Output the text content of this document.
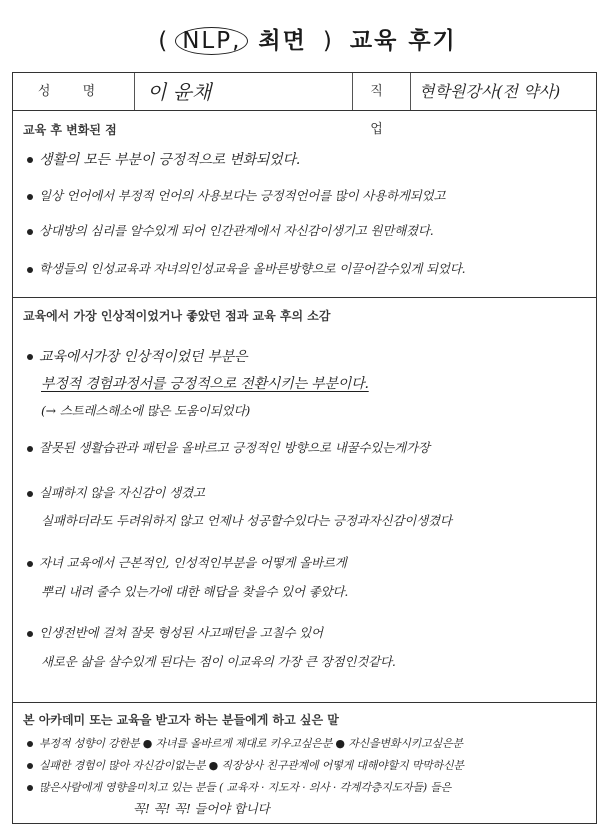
( NLP, 최면 ) 교육 후기
성 명	이 윤채	직 업
현학원강사(전 약사)
교육 후 변화된 점
생활의 모든 부분이 긍정적으로 변화되었다.
일상 언어에서 부정적 언어의 사용보다는 긍정적언어를 많이 사용하게되었고
상대방의 심리를 알수있게 되어 인간관계에서 자신감이생기고 원만해졌다.
학생들의 인성교육과 자녀의인성교육을 올바른방향으로 이끌어갈수있게 되었다.
교육에서 가장 인상적이었거나 좋았던 점과 교육 후의 소감
교육에서가장 인상적이었던 부분은
부정적 경험과정서를 긍정적으로 전환시키는 부분이다.
(→ 스트레스해소에 많은 도움이되었다)
잘못된 생활습관과 패턴을 올바르고 긍정적인 방향으로 내꿀수있는게가장
실패하지 않을 자신감이 생겼고
실패하더라도 두려워하지 않고 언제나 성공할수있다는 긍정과자신감이생겼다
자녀 교육에서 근본적인, 인성적인부분을 어떻게 올바르게
뿌리 내려 줄수 있는가에 대한 해답을 찾을수 있어 좋았다.
인생전반에 걸쳐 잘못 형성된 사고패턴을 고칠수 있어
새로운 삶을 살수있게 된다는 점이 이교육의 가장 큰 장점인것같다.
본 아카데미 또는 교육을 받고자 하는 분들에게 하고 싶은 말
부정적 성향이 강한분 ● 자녀를 올바르게 제대로 키우고싶은분 ● 자신을변화시키고싶은분
실패한 경험이 많아 자신감이없는분 ● 직장상사 친구관계에 어떻게 대해야할지 막막하신분
많은사람에게 영향을미치고 있는 분들 ( 교육자 · 지도자 · 의사 · 각계각층지도자들) 들은
꼭! 꼭! 꼭! 들어야 합니다
